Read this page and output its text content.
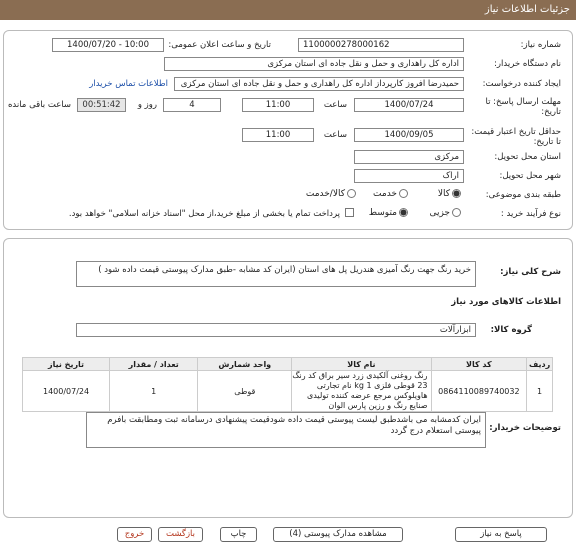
جزئیات اطلاعات نیاز
شماره نیاز:
1100000278000162
تاریخ و ساعت اعلان عمومی:
1400/07/20 - 10:00
نام دستگاه خریدار:
اداره کل راهداری و حمل و نقل جاده ای استان مرکزی
ایجاد کننده درخواست:
حمیدرضا افروز کارپرداز اداره کل راهداری و حمل و نقل جاده ای استان مرکزی
اطلاعات تماس خریدار
مهلت ارسال پاسخ: تا تاریخ:
1400/07/24
ساعت
11:00
4
روز و
00:51:42
ساعت باقی مانده
حداقل تاریخ اعتبار قیمت: تا تاریخ:
1400/09/05
ساعت
11:00
استان محل تحویل:
مرکزی
شهر محل تحویل:
اراک
طبقه بندی موضوعی:
کالا
خدمت
کالا/خدمت
نوع فرآیند خرید :
جزیی
متوسط
پرداخت تمام یا بخشی از مبلغ خرید،از محل "اسناد خزانه اسلامی" خواهد بود.
شرح کلی نیاز:
خرید رنگ جهت رنگ آمیزی هندریل پل های استان (ایران کد مشابه -طبق مدارک پیوستی قیمت داده شود )
اطلاعات کالاهای مورد نیاز
گروه کالا:
ابزارآلات
ردیف	کد کالا	نام کالا	واحد شمارش	تعداد / مقدار	تاریخ نیاز
1	0864110089740032	رنگ روغنی آلکیدی زرد سیر براق کد رنگ 23 قوطی فلزی 1 kg نام تجارتی هاویلوکس مرجع عرضه کننده تولیدی صنایع رنگ و رزین پارس الوان	قوطی	1	1400/07/24
توضیحات خریدار:
ایران کدمشابه می باشدطبق لیست پیوستی قیمت داده شودقیمت پیشنهادی درسامانه ثبت ومطابقت بافرم پیوستی استعلام درج گردد
پاسخ به نیاز
مشاهده مدارک پیوستی (4)
چاپ
بازگشت
خروج
